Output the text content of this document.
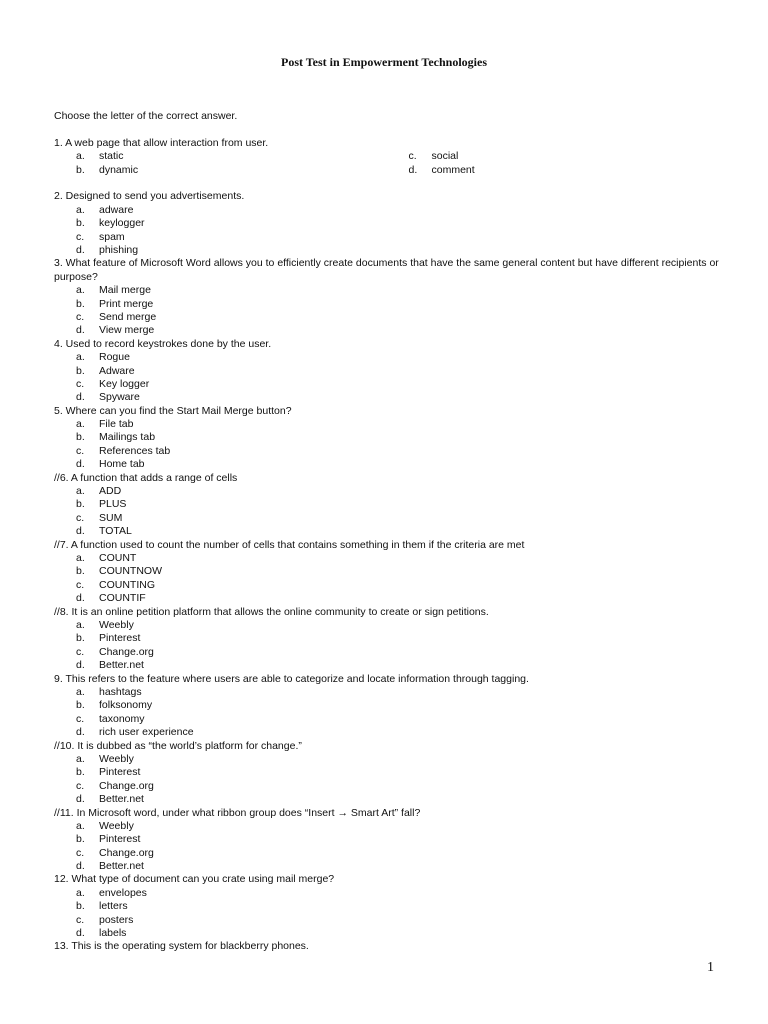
Post Test in Empowerment Technologies

Choose the letter of the correct answer.

1. A web page that allow interaction from user.

a. static
b. dynamic
c. social
d. comment

2. Designed to send you advertisements.

a. adware
b. keylogger
c. spam
d. phishing

3. What feature of Microsoft Word allows you to efficiently create documents that have the same general content but have different recipients or purpose?

a. Mail merge
b. Print merge
c. Send merge
d. View merge

4. Used to record keystrokes done by the user.

a. Rogue
b. Adware
c. Key logger
d. Spyware

5. Where can you find the Start Mail Merge button?

a. File tab
b. Mailings tab
c. References tab
d. Home tab

//6. A function that adds a range of cells

a. ADD
b. PLUS
c. SUM
d. TOTAL

//7. A function used to count the number of cells that contains something in them if the criteria are met

a. COUNT
b. COUNTNOW
c. COUNTING
d. COUNTIF

//8. It is an online petition platform that allows the online community to create or sign petitions.

a. Weebly
b. Pinterest
c. Change.org
d. Better.net

9. This refers to the feature where users are able to categorize and locate information through tagging.

a. hashtags
b. folksonomy
c. taxonomy
d. rich user experience

//10. It is dubbed as “the world’s platform for change.”

a. Weebly
b. Pinterest
c. Change.org
d. Better.net

//11. In Microsoft word, under what ribbon group does “Insert → Smart Art” fall?

a. Weebly
b. Pinterest
c. Change.org
d. Better.net

12. What type of document can you crate using mail merge?

a. envelopes
b. letters
c. posters
d. labels

13. This is the operating system for blackberry phones.

1
